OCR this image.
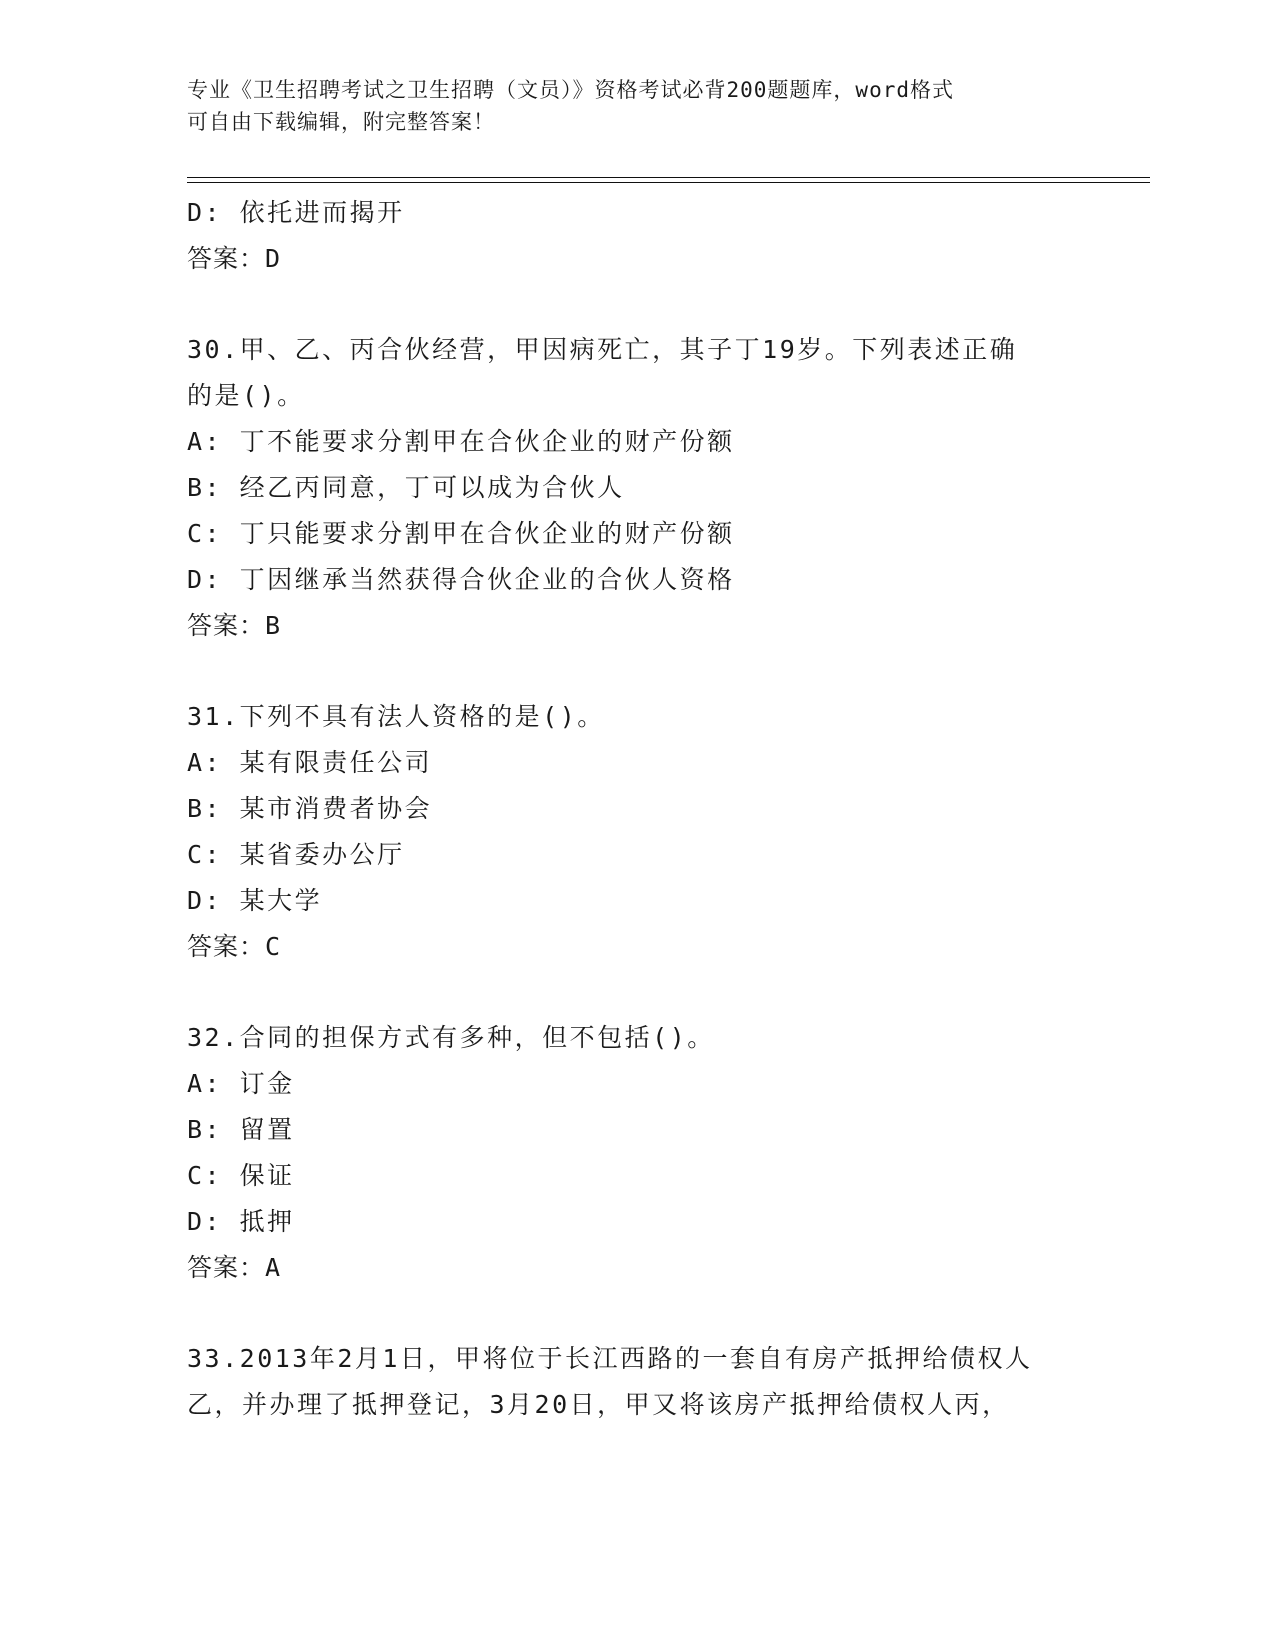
专业《卫生招聘考试之卫生招聘（文员）》资格考试必背200题题库，word格式
可自由下载编辑，附完整答案！
D: 依托进而揭开
答案：D
30.甲、乙、丙合伙经营，甲因病死亡，其子丁19岁。下列表述正确
的是()。
A: 丁不能要求分割甲在合伙企业的财产份额
B: 经乙丙同意，丁可以成为合伙人
C: 丁只能要求分割甲在合伙企业的财产份额
D: 丁因继承当然获得合伙企业的合伙人资格
答案：B
31.下列不具有法人资格的是()。
A: 某有限责任公司
B: 某市消费者协会
C: 某省委办公厅
D: 某大学
答案：C
32.合同的担保方式有多种，但不包括()。
A: 订金
B: 留置
C: 保证
D: 抵押
答案：A
33.2013年2月1日，甲将位于长江西路的一套自有房产抵押给债权人
乙，并办理了抵押登记，3月20日，甲又将该房产抵押给债权人丙，
